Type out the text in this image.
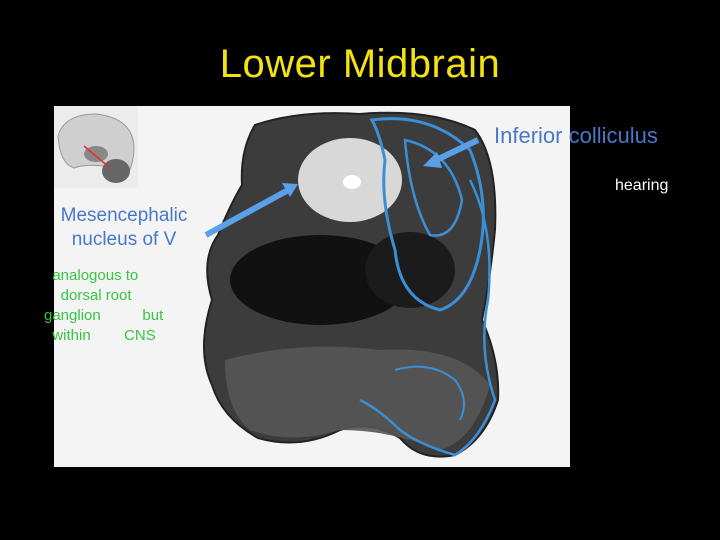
Lower Midbrain
Inferior colliculus
hearing
Mesencephalic
nucleus of V
analogous to
dorsal root
ganglion          but
within        CNS
